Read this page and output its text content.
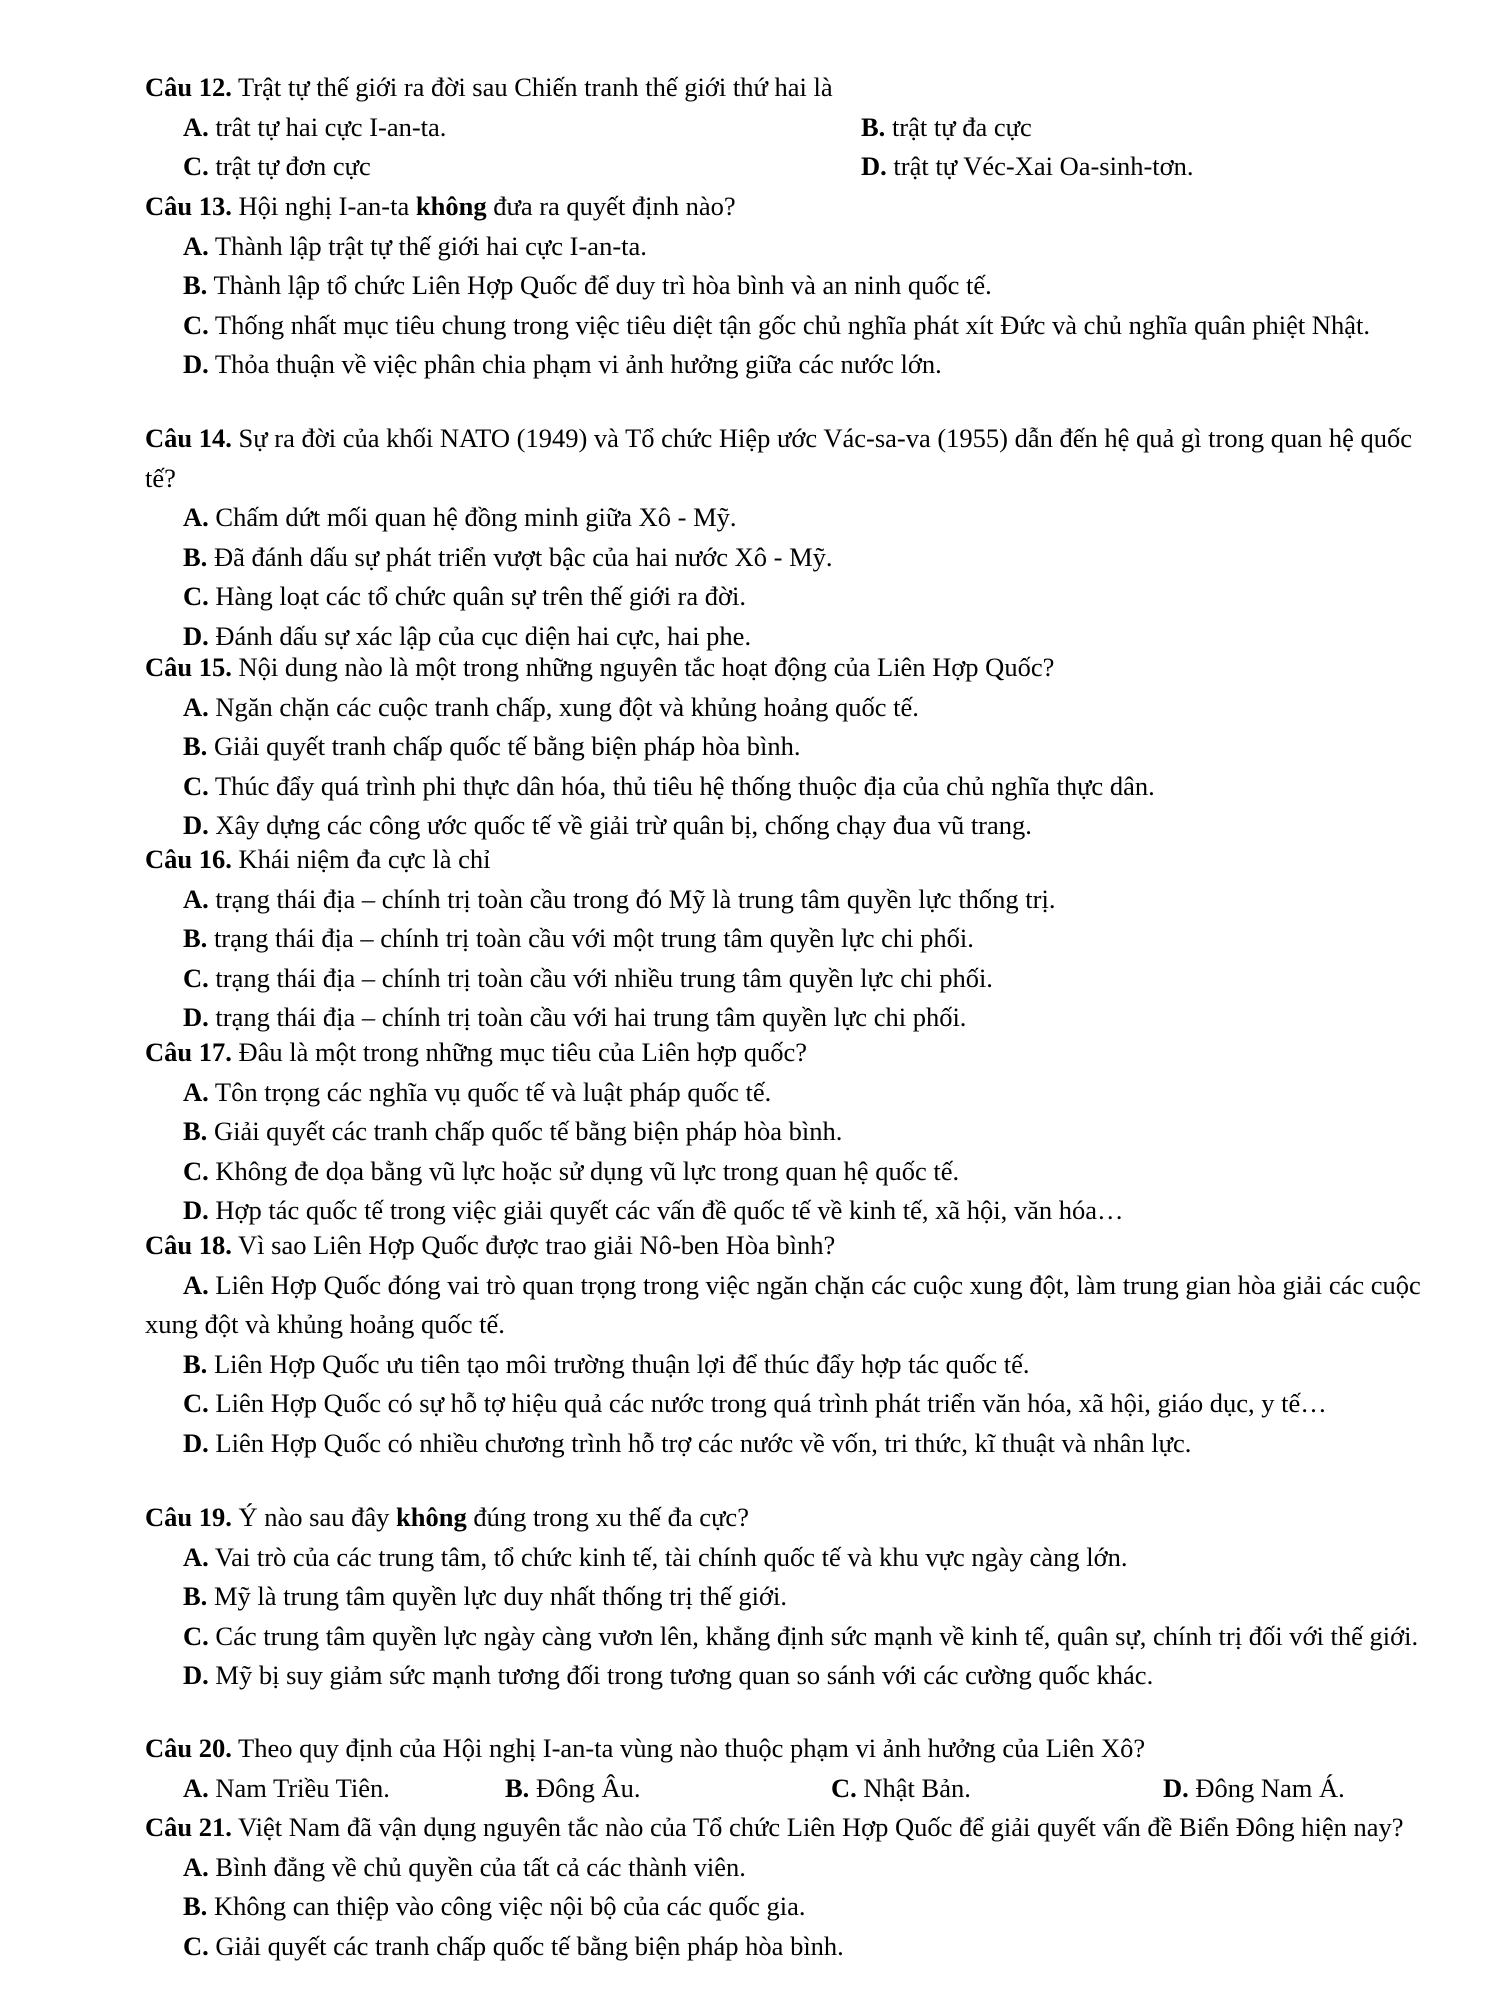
Câu 12. Trật tự thế giới ra đời sau Chiến tranh thế giới thứ hai là
A. trât tự hai cực I-an-ta.	B. trật tự đa cực
C. trật tự đơn cực	D. trật tự Véc-Xai Oa-sinh-tơn.
Câu 13. Hội nghị I-an-ta không đưa ra quyết định nào?
A. Thành lập trật tự thế giới hai cực I-an-ta.
B. Thành lập tổ chức Liên Hợp Quốc để duy trì hòa bình và an ninh quốc tế.
C. Thống nhất mục tiêu chung trong việc tiêu diệt tận gốc chủ nghĩa phát xít Đức và chủ nghĩa quân phiệt Nhật.
D. Thỏa thuận về việc phân chia phạm vi ảnh hưởng giữa các nước lớn.
Câu 14. Sự ra đời của khối NATO (1949) và Tổ chức Hiệp ước Vác-sa-va (1955) dẫn đến hệ quả gì trong quan hệ quốc tế?
A. Chấm dứt mối quan hệ đồng minh giữa Xô - Mỹ.
B. Đã đánh dấu sự phát triển vượt bậc của hai nước Xô - Mỹ.
C. Hàng loạt các tổ chức quân sự trên thế giới ra đời.
D. Đánh dấu sự xác lập của cục diện hai cực, hai phe.
Câu 15. Nội dung nào là một trong những nguyên tắc hoạt động của Liên Hợp Quốc?
A. Ngăn chặn các cuộc tranh chấp, xung đột và khủng hoảng quốc tế.
B. Giải quyết tranh chấp quốc tế bằng biện pháp hòa bình.
C. Thúc đẩy quá trình phi thực dân hóa, thủ tiêu hệ thống thuộc địa của chủ nghĩa thực dân.
D. Xây dựng các công ước quốc tế về giải trừ quân bị, chống chạy đua vũ trang.
Câu 16. Khái niệm đa cực là chỉ
A. trạng thái địa – chính trị toàn cầu trong đó Mỹ là trung tâm quyền lực thống trị.
B. trạng thái địa – chính trị toàn cầu với một trung tâm quyền lực chi phối.
C. trạng thái địa – chính trị toàn cầu với nhiều trung tâm quyền lực chi phối.
D. trạng thái địa – chính trị toàn cầu với hai trung tâm quyền lực chi phối.
Câu 17. Đâu là một trong những mục tiêu của Liên hợp quốc?
A. Tôn trọng các nghĩa vụ quốc tế và luật pháp quốc tế.
B. Giải quyết các tranh chấp quốc tế bằng biện pháp hòa bình.
C. Không đe dọa bằng vũ lực hoặc sử dụng vũ lực trong quan hệ quốc tế.
D. Hợp tác quốc tế trong việc giải quyết các vấn đề quốc tế về kinh tế, xã hội, văn hóa…
Câu 18. Vì sao Liên Hợp Quốc được trao giải Nô-ben Hòa bình?
A. Liên Hợp Quốc đóng vai trò quan trọng trong việc ngăn chặn các cuộc xung đột, làm trung gian hòa giải các cuộc xung đột và khủng hoảng quốc tế.
B. Liên Hợp Quốc ưu tiên tạo môi trường thuận lợi để thúc đẩy hợp tác quốc tế.
C. Liên Hợp Quốc có sự hỗ tợ hiệu quả các nước trong quá trình phát triển văn hóa, xã hội, giáo dục, y tế…
D. Liên Hợp Quốc có nhiều chương trình hỗ trợ các nước về vốn, tri thức, kĩ thuật và nhân lực.
Câu 19. Ý nào sau đây không đúng trong xu thế đa cực?
A. Vai trò của các trung tâm, tổ chức kinh tế, tài chính quốc tế và khu vực ngày càng lớn.
B. Mỹ là trung tâm quyền lực duy nhất thống trị thế giới.
C. Các trung tâm quyền lực ngày càng vươn lên, khẳng định sức mạnh về kinh tế, quân sự, chính trị đối với thế giới.
D. Mỹ bị suy giảm sức mạnh tương đối trong tương quan so sánh với các cường quốc khác.
Câu 20. Theo quy định của Hội nghị I-an-ta vùng nào thuộc phạm vi ảnh hưởng của Liên Xô?
A. Nam Triều Tiên.	B. Đông Âu.	C. Nhật Bản.	D. Đông Nam Á.
Câu 21. Việt Nam đã vận dụng nguyên tắc nào của Tổ chức Liên Hợp Quốc để giải quyết vấn đề Biển Đông hiện nay?
A. Bình đẳng về chủ quyền của tất cả các thành viên.
B. Không can thiệp vào công việc nội bộ của các quốc gia.
C. Giải quyết các tranh chấp quốc tế bằng biện pháp hòa bình.
